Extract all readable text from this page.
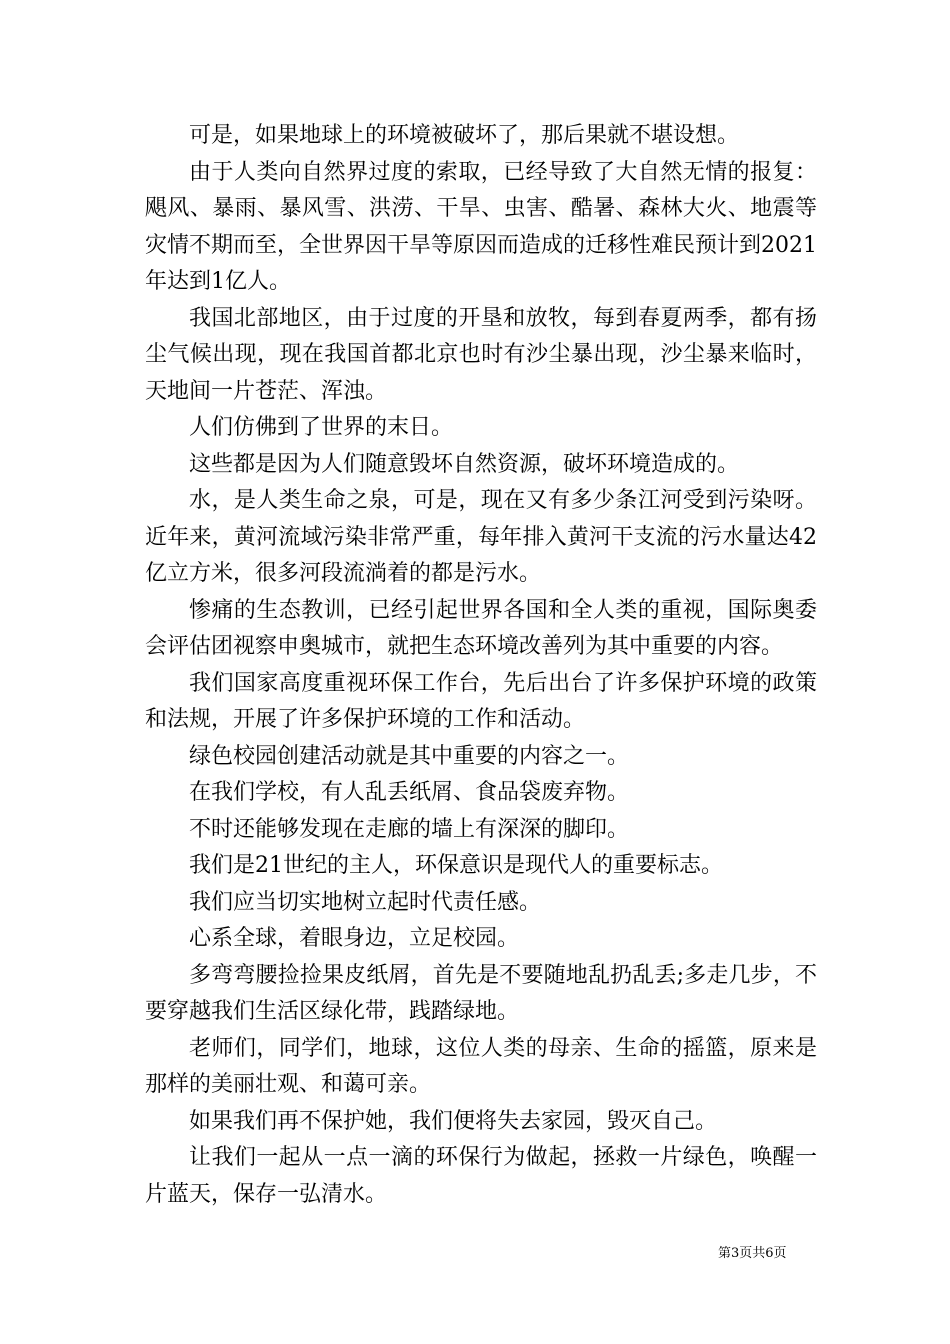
可是，如果地球上的环境被破坏了，那后果就不堪设想。

由于人类向自然界过度的索取，已经导致了大自然无情的报复：飓风、暴雨、暴风雪、洪涝、干旱、虫害、酷暑、森林大火、地震等灾情不期而至，全世界因干旱等原因而造成的迁移性难民预计到2021年达到1亿人。

我国北部地区，由于过度的开垦和放牧，每到春夏两季，都有扬尘气候出现，现在我国首都北京也时有沙尘暴出现，沙尘暴来临时，天地间一片苍茫、浑浊。

人们仿佛到了世界的末日。

这些都是因为人们随意毁坏自然资源，破坏环境造成的。

水，是人类生命之泉，可是，现在又有多少条江河受到污染呀。近年来，黄河流域污染非常严重，每年排入黄河干支流的污水量达42亿立方米，很多河段流淌着的都是污水。

惨痛的生态教训，已经引起世界各国和全人类的重视，国际奥委会评估团视察申奥城市，就把生态环境改善列为其中重要的内容。

我们国家高度重视环保工作台，先后出台了许多保护环境的政策和法规，开展了许多保护环境的工作和活动。

绿色校园创建活动就是其中重要的内容之一。

在我们学校，有人乱丢纸屑、食品袋废弃物。

不时还能够发现在走廊的墙上有深深的脚印。

我们是21世纪的主人，环保意识是现代人的重要标志。

我们应当切实地树立起时代责任感。

心系全球，着眼身边，立足校园。

多弯弯腰捡捡果皮纸屑，首先是不要随地乱扔乱丢;多走几步，不要穿越我们生活区绿化带，践踏绿地。

老师们，同学们，地球，这位人类的母亲、生命的摇篮，原来是那样的美丽壮观、和蔼可亲。

如果我们再不保护她，我们便将失去家园，毁灭自己。

让我们一起从一点一滴的环保行为做起，拯救一片绿色，唤醒一片蓝天，保存一弘清水。

第3页共6页
